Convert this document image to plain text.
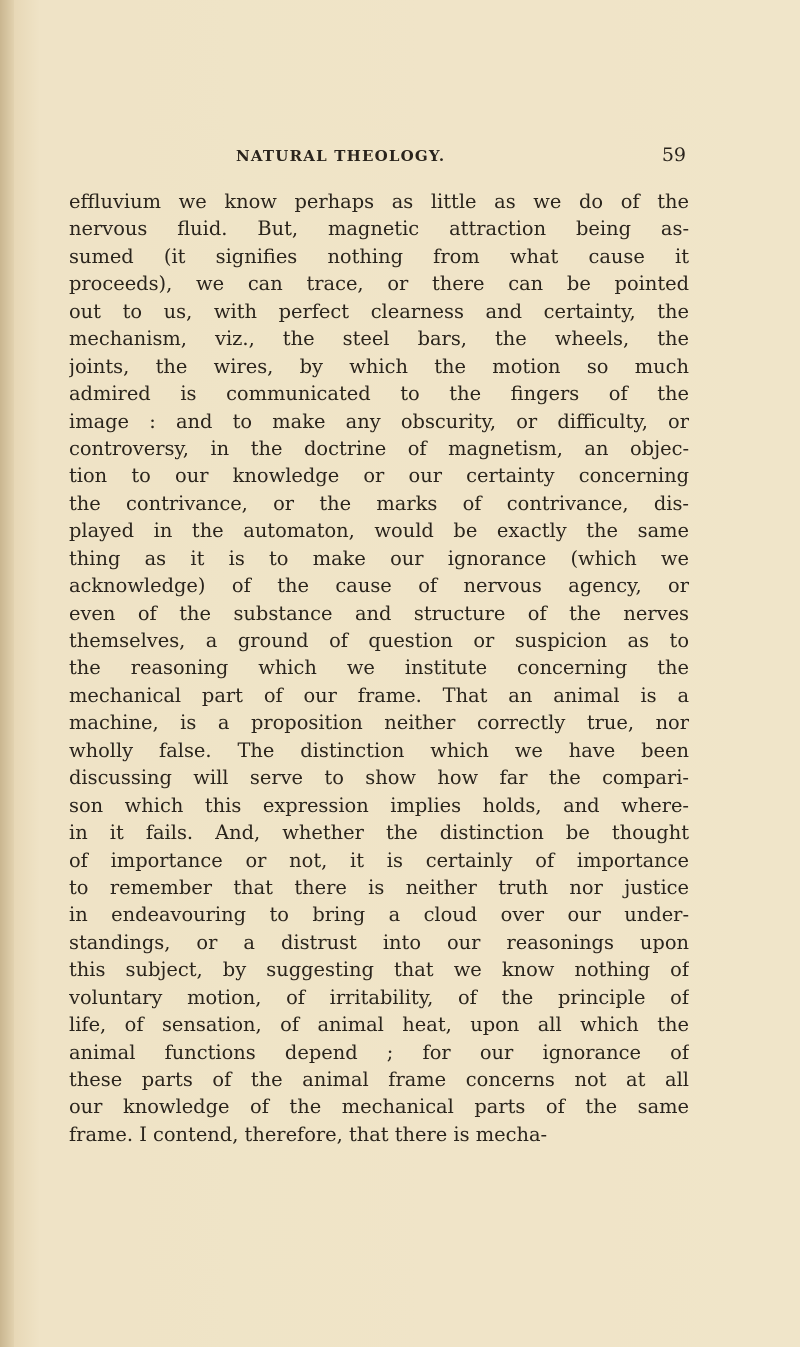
NATURAL THEOLOGY.	59
effluvium we know perhaps as little as we do of the
nervous fluid. But, magnetic attraction being as-
sumed (it signifies nothing from what cause it
proceeds), we can trace, or there can be pointed
out to us, with perfect clearness and certainty, the
mechanism, viz., the steel bars, the wheels, the
joints, the wires, by which the motion so much
admired is communicated to the fingers of the
image : and to make any obscurity, or difficulty, or
controversy, in the doctrine of magnetism, an objec-
tion to our knowledge or our certainty concerning
the contrivance, or the marks of contrivance, dis-
played in the automaton, would be exactly the same
thing as it is to make our ignorance (which we
acknowledge) of the cause of nervous agency, or
even of the substance and structure of the nerves
themselves, a ground of question or suspicion as to
the reasoning which we institute concerning the
mechanical part of our frame. That an animal is a
machine, is a proposition neither correctly true, nor
wholly false. The distinction which we have been
discussing will serve to show how far the compari-
son which this expression implies holds, and where-
in it fails. And, whether the distinction be thought
of importance or not, it is certainly of importance
to remember that there is neither truth nor justice
in endeavouring to bring a cloud over our under-
standings, or a distrust into our reasonings upon
this subject, by suggesting that we know nothing of
voluntary motion, of irritability, of the principle of
life, of sensation, of animal heat, upon all which the
animal functions depend ; for our ignorance of
these parts of the animal frame concerns not at all
our knowledge of the mechanical parts of the same
frame. I contend, therefore, that there is mecha-
